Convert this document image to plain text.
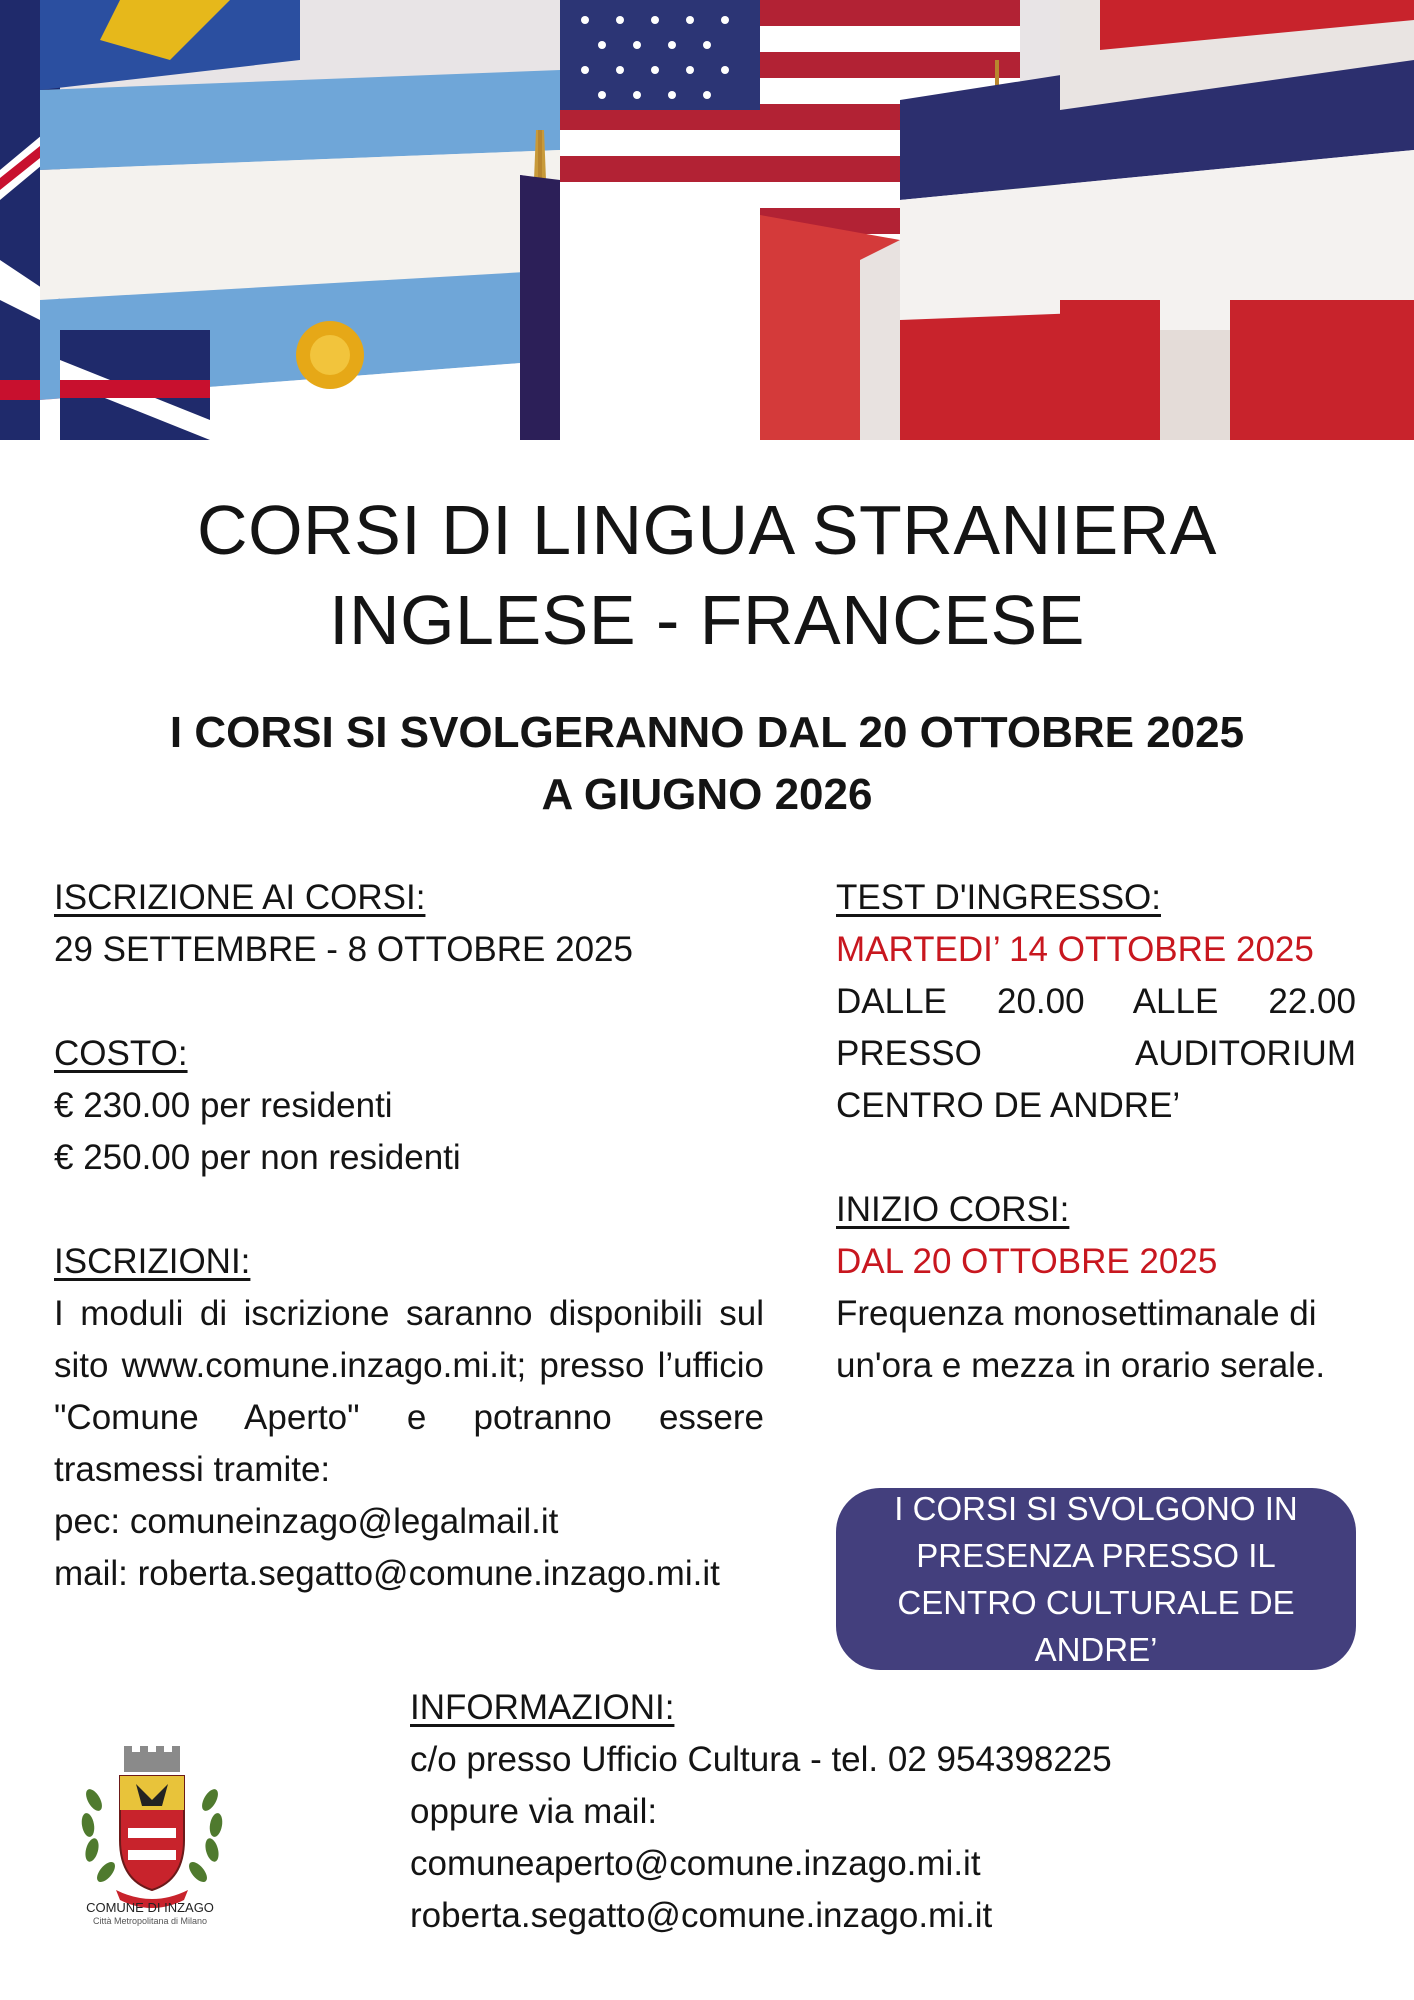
CORSI DI LINGUA STRANIERA
INGLESE - FRANCESE
I CORSI SI SVOLGERANNO DAL 20 OTTOBRE 2025
A GIUGNO 2026
ISCRIZIONE AI CORSI:
29 SETTEMBRE - 8 OTTOBRE 2025
COSTO:
€ 230.00 per residenti
€ 250.00 per non residenti
ISCRIZIONI:
I moduli di iscrizione saranno disponibili sul sito www.comune.inzago.mi.it; presso l’ufficio "Comune Aperto" e potranno essere trasmessi tramite:
pec: comuneinzago@legalmail.it
mail: roberta.segatto@comune.inzago.mi.it
TEST D'INGRESSO:
MARTEDI’ 14 OTTOBRE 2025
DALLE 20.00 ALLE 22.00
PRESSO AUDITORIUM
CENTRO DE ANDRE’
INIZIO CORSI:
DAL 20 OTTOBRE 2025
Frequenza monosettimanale di un'ora e mezza in orario serale.
I CORSI SI SVOLGONO IN PRESENZA PRESSO IL CENTRO CULTURALE DE ANDRE’
INFORMAZIONI:
c/o presso Ufficio Cultura - tel. 02 954398225
oppure via mail:
comuneaperto@comune.inzago.mi.it
roberta.segatto@comune.inzago.mi.it
COMUNE DI INZAGO
Città Metropolitana di Milano
